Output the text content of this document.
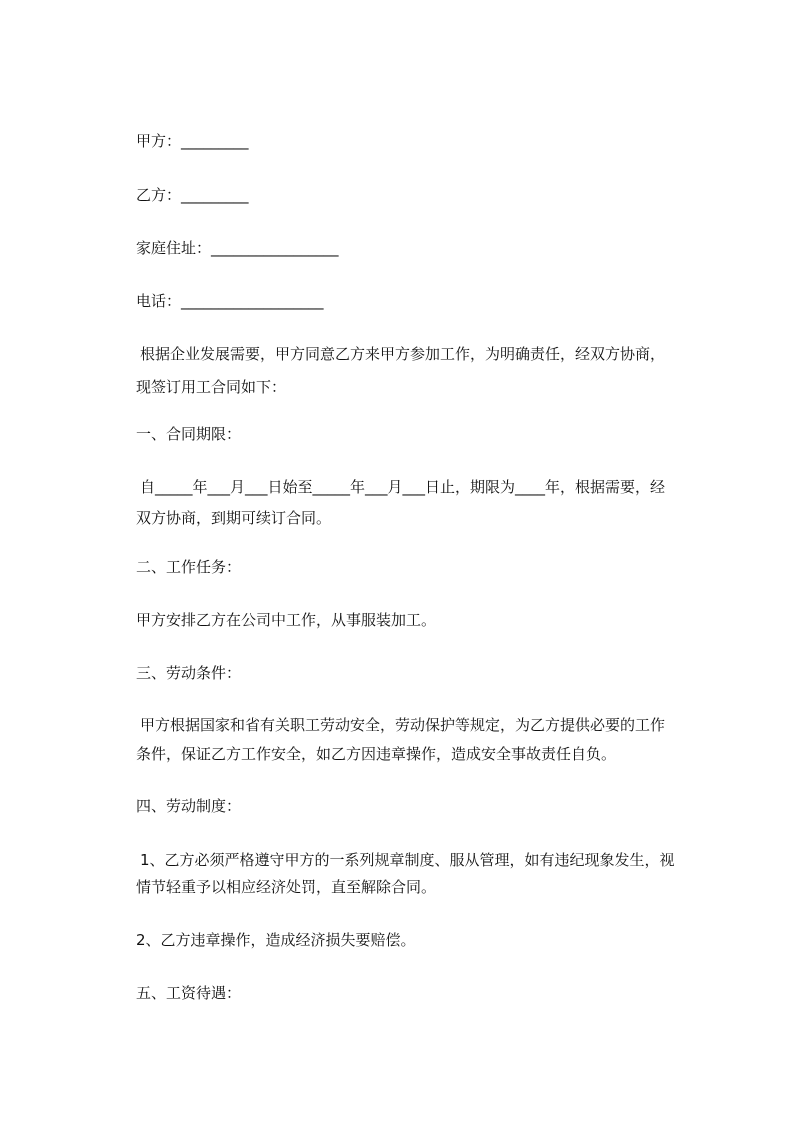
甲方：_________
乙方：_________
家庭住址：_________________
电话：___________________
根据企业发展需要，甲方同意乙方来甲方参加工作，为明确责任，经双方协商，
现签订用工合同如下：
一、合同期限：
自_____年___月___日始至_____年___月___日止，期限为____年，根据需要，经
双方协商，到期可续订合同。
二、工作任务：
甲方安排乙方在公司中工作，从事服装加工。
三、劳动条件：
甲方根据国家和省有关职工劳动安全，劳动保护等规定，为乙方提供必要的工作
条件，保证乙方工作安全，如乙方因违章操作，造成安全事故责任自负。
四、劳动制度：
1、乙方必须严格遵守甲方的一系列规章制度、服从管理，如有违纪现象发生，视
情节轻重予以相应经济处罚，直至解除合同。
2、乙方违章操作，造成经济损失要赔偿。
五、工资待遇：
